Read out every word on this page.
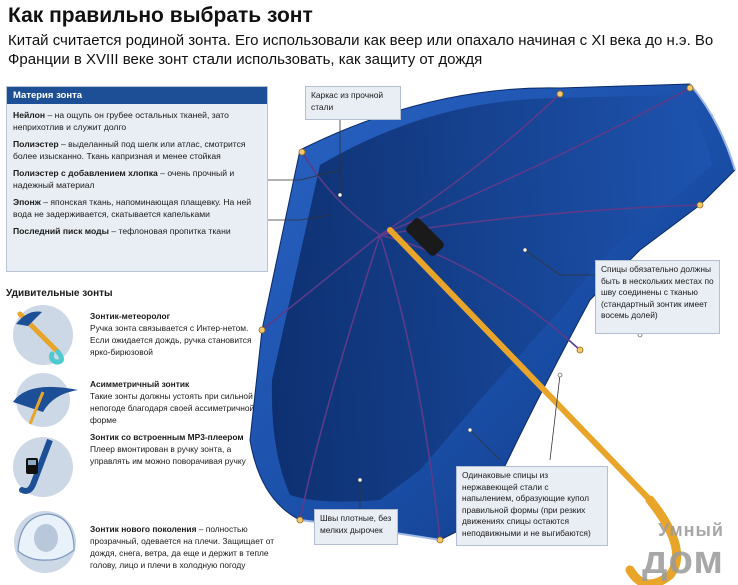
Как правильно выбрать зонт
Китай считается родиной зонта. Его использовали как веер или опахало начиная с XI века до н.э. Во Франции в XVIII веке зонт стали использовать, как защиту от дождя
Материя зонта
Нейлон – на ощупь он грубее остальных тканей, зато неприхотлив и служит долго
Полиэстер – выделанный под шелк или атлас, смотрится более изысканно. Ткань капризная и менее стойкая
Полиэстер с добавлением хлопка – очень прочный и надежный материал
Эпонж – японская ткань, напоминающая плащевку. На ней вода не задерживается, скатывается капельками
Последний писк моды – тефлоновая пропитка ткани
Каркас из прочной стали
Спицы обязательно должны быть в нескольких местах по шву соединены с тканью (стандартный зонтик имеет восемь долей)
Швы плотные, без мелких дырочек
Одинаковые спицы из нержавеющей стали с напылением, образующие купол правильной формы (при резких движениях спицы остаются неподвижными и не выгибаются)
Удивительные зонты
Зонтик-метеоролог
Ручка зонта связывается с Интер-нетом. Если ожидается дождь, ручка становится ярко-бирюзовой
Асимметричный зонтик
Такие зонты должны устоять при сильной непогоде благодаря своей ассиметричной форме
Зонтик со встроенным MP3-плеером
Плеер вмонтирован в ручку зонта, а управлять им можно поворачивая ручку
Зонтик нового поколения – полностью прозрачный, одевается на плечи. Защищает от дождя, снега, ветра, да еще и держит в тепле голову, лицо и плечи в холодную погоду
Умный
дом
